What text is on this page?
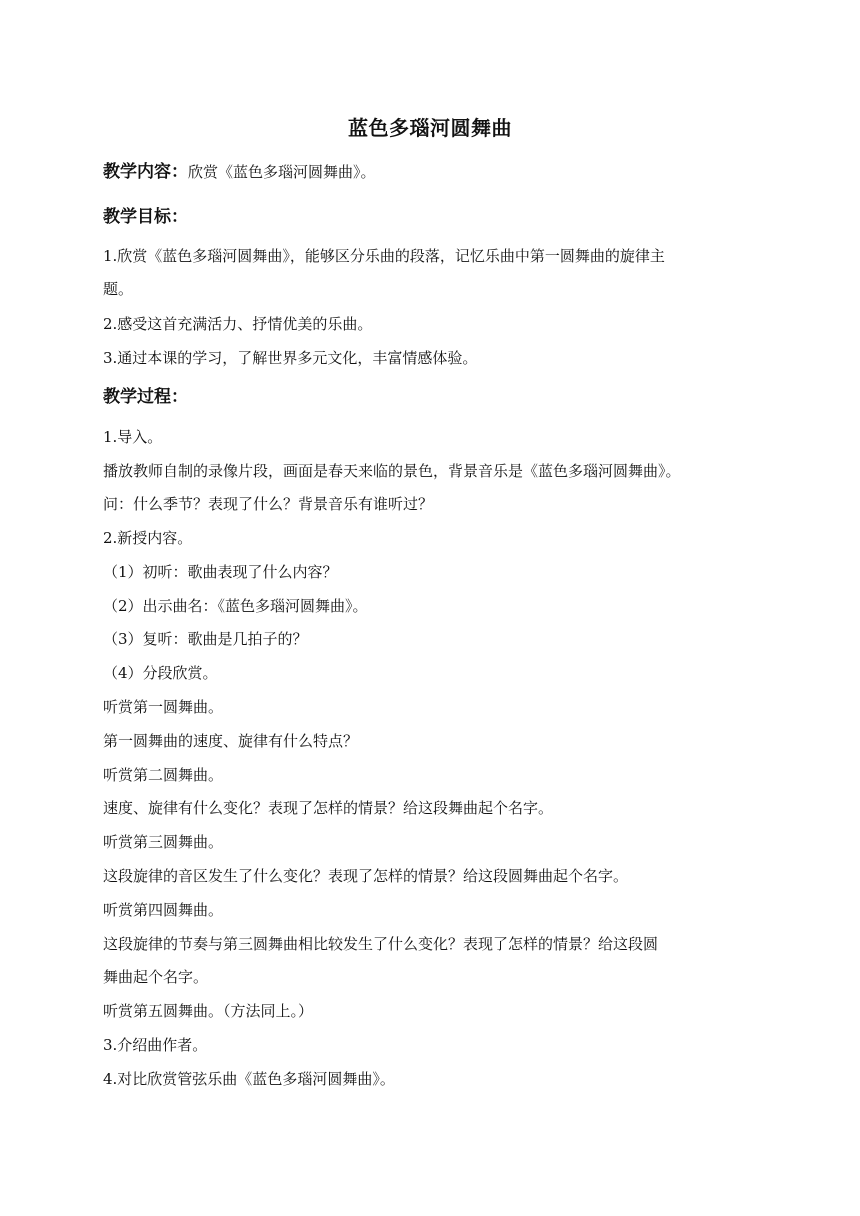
蓝色多瑙河圆舞曲
教学内容：欣赏《蓝色多瑙河圆舞曲》。
教学目标：
1.欣赏《蓝色多瑙河圆舞曲》，能够区分乐曲的段落，记忆乐曲中第一圆舞曲的旋律主
题。
2.感受这首充满活力、抒情优美的乐曲。
3.通过本课的学习，了解世界多元文化，丰富情感体验。
教学过程：
1.导入。
播放教师自制的录像片段，画面是春天来临的景色，背景音乐是《蓝色多瑙河圆舞曲》。
问：什么季节？表现了什么？背景音乐有谁听过？
2.新授内容。
（1）初听：歌曲表现了什么内容？
（2）出示曲名：《蓝色多瑙河圆舞曲》。
（3）复听：歌曲是几拍子的？
（4）分段欣赏。
听赏第一圆舞曲。
第一圆舞曲的速度、旋律有什么特点？
听赏第二圆舞曲。
速度、旋律有什么变化？表现了怎样的情景？给这段舞曲起个名字。
听赏第三圆舞曲。
这段旋律的音区发生了什么变化？表现了怎样的情景？给这段圆舞曲起个名字。
听赏第四圆舞曲。
这段旋律的节奏与第三圆舞曲相比较发生了什么变化？表现了怎样的情景？给这段圆
舞曲起个名字。
听赏第五圆舞曲。（方法同上。）
3.介绍曲作者。
4.对比欣赏管弦乐曲《蓝色多瑙河圆舞曲》。
